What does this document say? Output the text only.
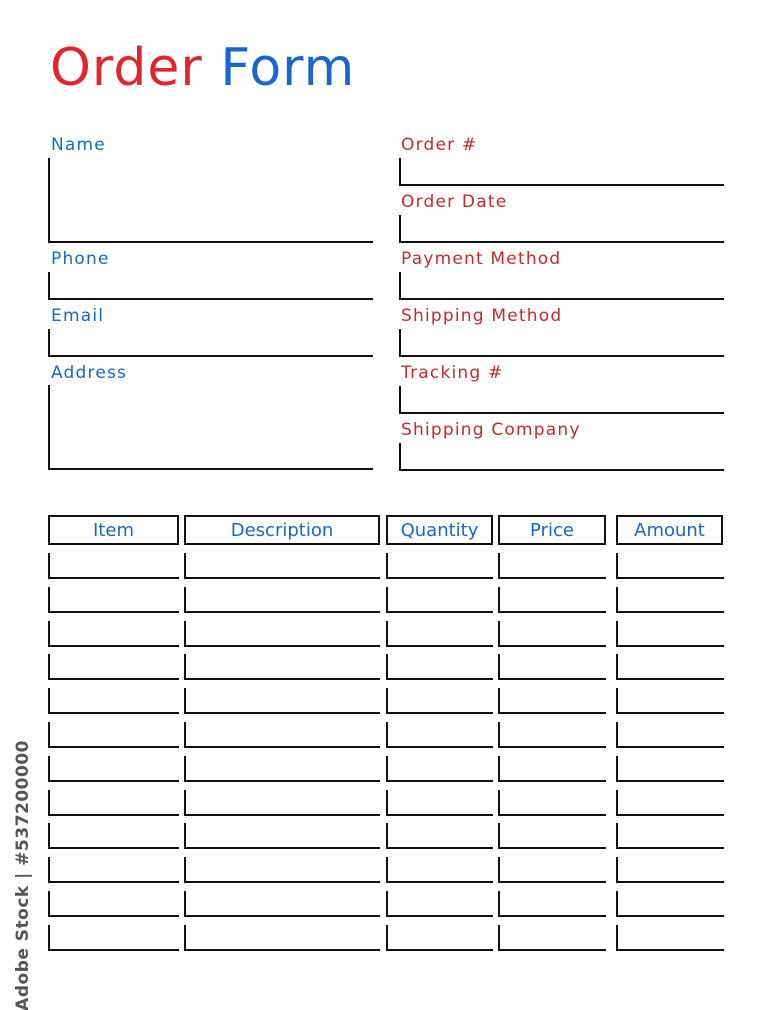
Order Form
Name
Phone
Email
Address
Order #
Order Date
Payment Method
Shipping Method
Tracking #
Shipping Company
Item	Description	Quantity	Price	Amount
Adobe Stock | #537200000
